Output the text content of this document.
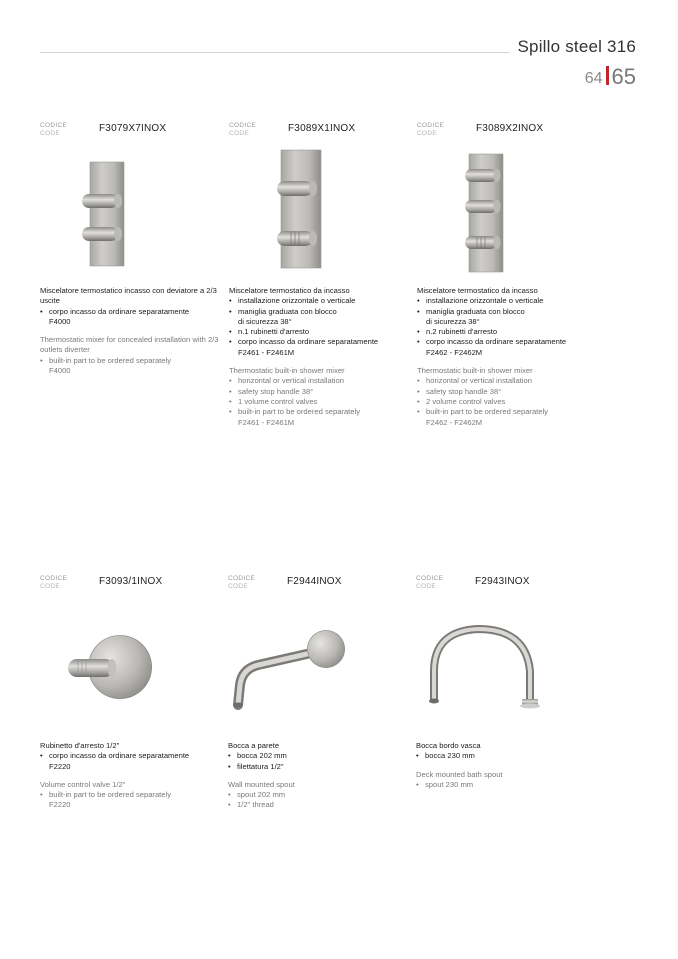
Spillo steel 316
64 65
CODICE
CODE	F3079X7INOX

Miscelatore termostatico incasso con deviatore a 2/3 uscite

• corpo incasso da ordinare separatamente

F4000

Thermostatic mixer for concealed installation with 2/3 outlets diverter

• built-in part to be ordered separately

F4000

CODICE
CODE	F3089X1INOX

Miscelatore termostatico da incasso

• installazione orizzontale o verticale
• maniglia graduata con blocco
di sicurezza 38°
• n.1 rubinetti d'arresto
• corpo incasso da ordinare separatamente

F2461 - F2461M

Thermostatic built-in shower mixer

• horizontal or vertical installation
• safety stop handle 38°
• 1 volume control valves
• built-in part to be ordered separately

F2461 - F2461M

CODICE
CODE	F3089X2INOX

Miscelatore termostatico da incasso

• installazione orizzontale o verticale
• maniglia graduata con blocco
di sicurezza 38°
• n.2 rubinetti d'arresto
• corpo incasso da ordinare separatamente

F2462 - F2462M

Thermostatic built-in shower mixer

• horizontal or vertical installation
• safety stop handle 38°
• 2 volume control valves
• built-in part to be ordered separately

F2462 - F2462M

CODICE
CODE	F3093/1INOX

Rubinetto d'arresto 1/2"

• corpo incasso da ordinare separatamente

F2220

Volume control valve 1/2"

• built-in part to be ordered separately

F2220

CODICE
CODE	F2944INOX

Bocca a parete

• bocca 202 mm
• filettatura 1/2"

Wall mounted spout

• spout 202 mm
• 1/2" thread
CODICE
CODE	F2943INOX

Bocca bordo vasca

• bocca 230 mm

Deck mounted bath spout

• spout 230 mm
